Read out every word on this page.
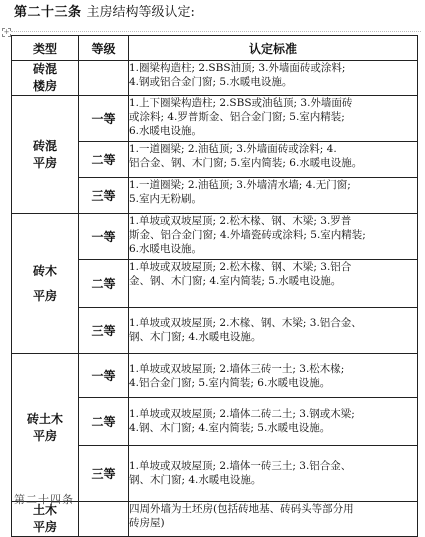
第二十三条 主房结构等级认定:
+
类型	等级	认定标准

砖混
楼房		1.圈梁构造柱; 2.SBS油顶; 3.外墙面砖或涂料;
4.钢或铝合金门窗; 5.水暖电设施。

砖混
平房	一等	1.上下圈梁构造柱; 2.SBS或油毡顶; 3.外墙面砖
或涂料; 4.罗普斯金、铝合金门窗; 5.室内精装;
6.水暖电设施。

	二等	1.一道圈梁; 2.油毡顶; 3.外墙面砖或涂料; 4.
铝合金、钢、木门窗; 5.室内简装; 6.水暖电设施。

	三等	1.一道圈梁; 2.油毡顶; 3.外墙清水墙; 4.无门窗;
5.室内无粉刷。

砖木
平房	一等	1.单坡或双坡屋顶; 2.松木椽、钢、木梁; 3.罗普
斯金、铝合金门窗; 4.外墙瓷砖或涂料; 5.室内精装;
6.水暖电设施。

	二等	1.单坡或双坡屋顶; 2.松木椽、钢、木梁; 3.铝合
金、钢、木门窗; 4.室内简装; 5.水暖电设施。

	三等	1.单坡或双坡屋顶; 2.木椽、钢、木梁; 3.铝合金、
钢、木门窗; 4.水暖电设施。

砖土木
平房	一等	1.单坡或双坡屋顶; 2.墙体三砖一土; 3.松木椽;
4.铝合金门窗; 5.室内简装; 6.水暖电设施。

	二等	1.单坡或双坡屋顶; 2.墙体二砖二土; 3.钢或木梁;
4.钢、木门窗; 4.室内简装; 5.水暖电设施。

	三等	1.单坡或双坡屋顶; 2.墙体一砖三土; 3.铝合金、
钢、木门窗; 4.水暖电设施。

土木
平房		四周外墙为土坯房(包括砖地基、砖码头等部分用
砖房屋)
第二十四条
